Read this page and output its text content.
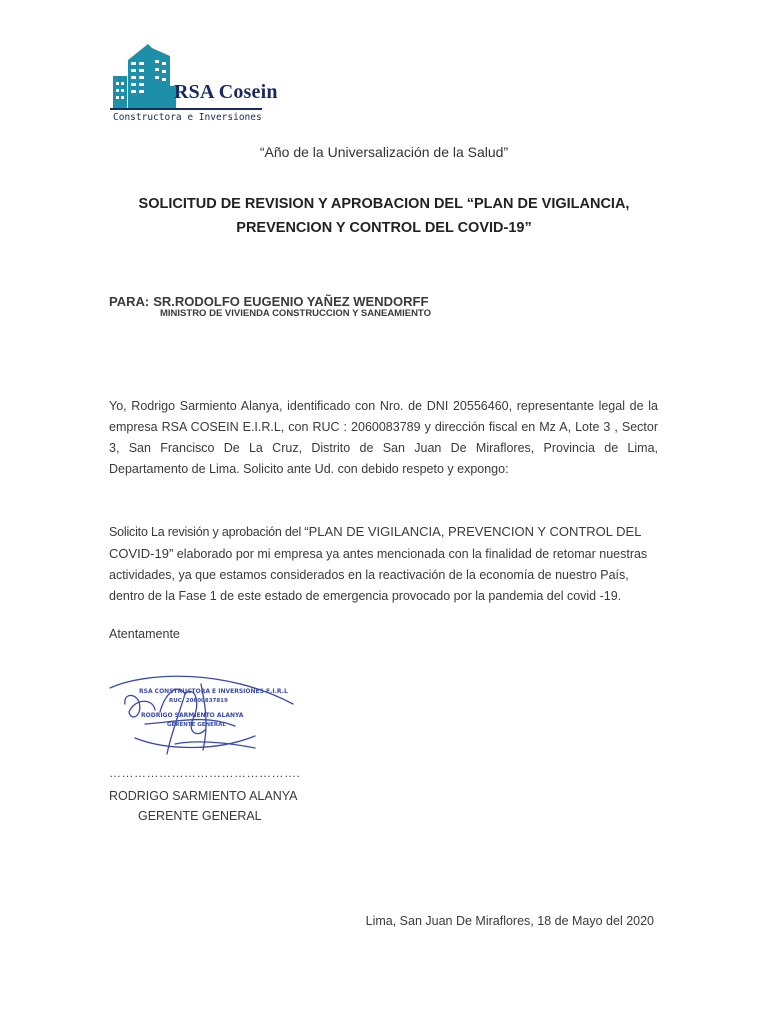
RSA Cosein
Constructora e Inversiones
“Año de la Universalización de la Salud”
SOLICITUD DE REVISION Y APROBACION DEL “PLAN DE VIGILANCIA,
PREVENCION Y CONTROL DEL COVID-19”
PARA: SR.RODOLFO EUGENIO YAÑEZ WENDORFF
MINISTRO DE VIVIENDA CONSTRUCCION Y SANEAMIENTO
Yo, Rodrigo Sarmiento Alanya, identificado con Nro. de DNI 20556460, representante legal de la empresa RSA COSEIN E.I.R.L, con RUC : 2060083789 y dirección fiscal en Mz A, Lote 3 , Sector 3, San Francisco De La Cruz, Distrito de San Juan De Miraflores, Provincia de Lima, Departamento de Lima. Solicito ante Ud. con debido respeto y expongo:
Solicito La revisión y aprobación del “PLAN DE VIGILANCIA, PREVENCION Y CONTROL DEL COVID-19” elaborado por mi empresa ya antes mencionada con la finalidad de retomar nuestras actividades, ya que estamos considerados en la reactivación de la economía de nuestro País, dentro de la Fase 1 de este estado de emergencia provocado por la pandemia del covid -19.
Atentamente
RSA CONSTRUCTORA E INVERSIONES E.I.R.L
RUC. 20600837819
RODRIGO SARMIENTO ALANYA
GERENTE GENERAL
……………………………………….
RODRIGO SARMIENTO ALANYA
GERENTE GENERAL
Lima, San Juan De Miraflores, 18 de Mayo del 2020
